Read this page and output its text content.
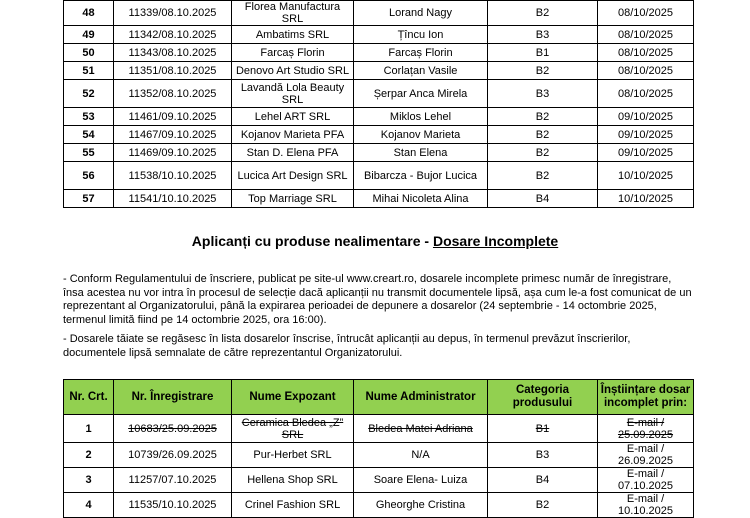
48	11339/08.10.2025	Florea Manufactura SRL	Lorand Nagy	B2	08/10/2025
49	11342/08.10.2025	Ambatims SRL	Țîncu Ion	B3	08/10/2025
50	11343/08.10.2025	Farcaș Florin	Farcaș Florin	B1	08/10/2025
51	11351/08.10.2025	Denovo Art Studio SRL	Corlațan Vasile	B2	08/10/2025
52	11352/08.10.2025	Lavandă Lola Beauty SRL	Șerpar Anca Mirela	B3	08/10/2025
53	11461/09.10.2025	Lehel ART SRL	Miklos Lehel	B2	09/10/2025
54	11467/09.10.2025	Kojanov Marieta PFA	Kojanov Marieta	B2	09/10/2025
55	11469/09.10.2025	Stan D. Elena PFA	Stan Elena	B2	09/10/2025
56	11538/10.10.2025	Lucica Art Design SRL	Bibarcza - Bujor Lucica	B2	10/10/2025
57	11541/10.10.2025	Top Marriage SRL	Mihai Nicoleta Alina	B4	10/10/2025
Aplicanți cu produse nealimentare - Dosare Incomplete
- Conform Regulamentului de înscriere, publicat pe site-ul www.creart.ro, dosarele incomplete primesc număr de înregistrare, însa acestea nu vor intra în procesul de selecție dacă aplicanții nu transmit documentele lipsă, așa cum le-a fost comunicat de un reprezentant al Organizatorului, până la expirarea perioadei de depunere a dosarelor (24 septembrie - 14 octombrie 2025, termenul limită fiind pe 14 octombrie 2025, ora 16:00).
- Dosarele tăiate se regăsesc în lista dosarelor înscrise, întrucât aplicanții au depus, în termenul prevăzut înscrierilor, documentele lipsă semnalate de către reprezentantul Organizatorului.
Nr. Crt.	Nr. Înregistrare	Nume Expozant	Nume Administrator	Categoria produsului	Înștiințare dosar incomplet prin:
1	10683/25.09.2025	Ceramica Bledea „Z” SRL	Bledea Matei Adriana	B1	E-mail / 25.09.2025
2	10739/26.09.2025	Pur-Herbet SRL	N/A	B3	E-mail / 26.09.2025
3	11257/07.10.2025	Hellena Shop SRL	Soare Elena- Luiza	B4	E-mail / 07.10.2025
4	11535/10.10.2025	Crinel Fashion SRL	Gheorghe Cristina	B2	E-mail / 10.10.2025
